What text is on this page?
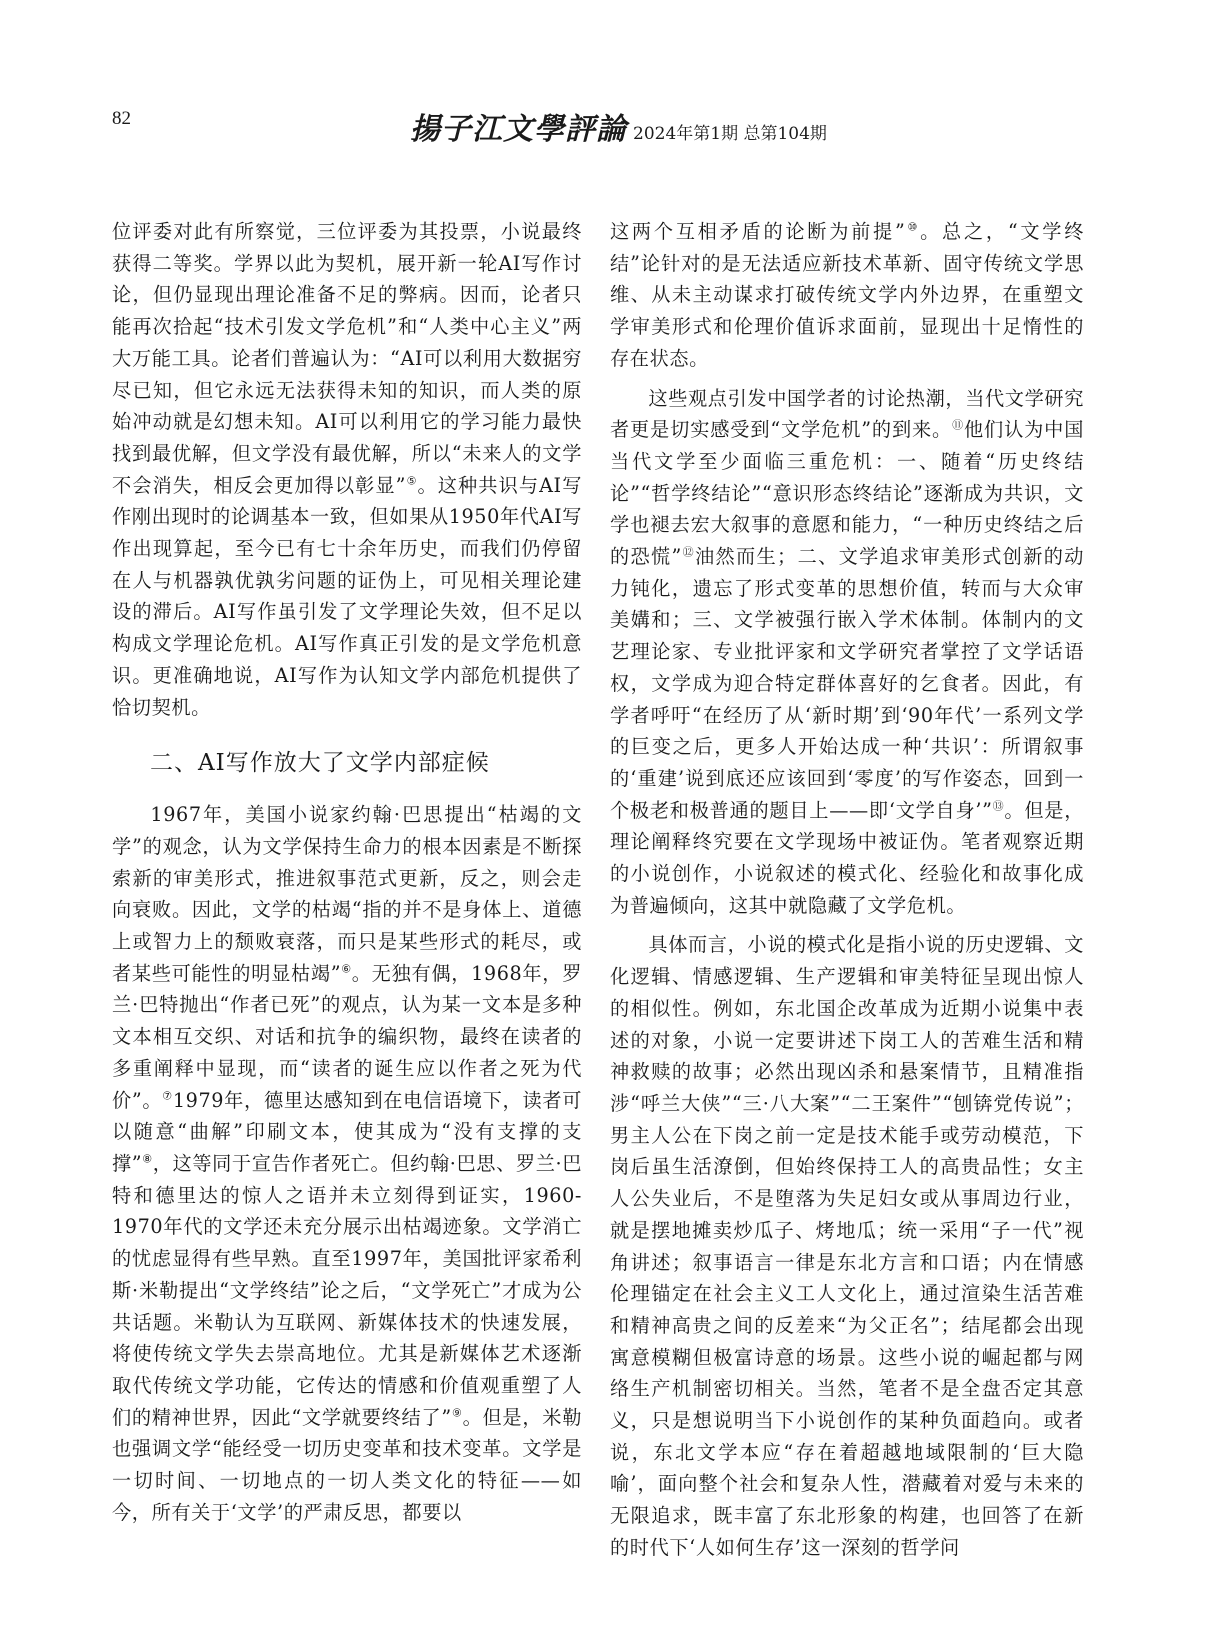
82	揚子江文學評論 2024年第1期 总第104期

位评委对此有所察觉，三位评委为其投票，小说最终获得二等奖。学界以此为契机，展开新一轮AI写作讨论，但仍显现出理论准备不足的弊病。因而，论者只能再次拾起“技术引发文学危机”和“人类中心主义”两大万能工具。论者们普遍认为：“AI可以利用大数据穷尽已知，但它永远无法获得未知的知识，而人类的原始冲动就是幻想未知。AI可以利用它的学习能力最快找到最优解，但文学没有最优解，所以“未来人的文学不会消失，相反会更加得以彰显”⑤。这种共识与AI写作刚出现时的论调基本一致，但如果从1950年代AI写作出现算起，至今已有七十余年历史，而我们仍停留在人与机器孰优孰劣问题的证伪上，可见相关理论建设的滞后。AI写作虽引发了文学理论失效，但不足以构成文学理论危机。AI写作真正引发的是文学危机意识。更准确地说，AI写作为认知文学内部危机提供了恰切契机。

二、AI写作放大了文学内部症候

1967年，美国小说家约翰·巴思提出“枯竭的文学”的观念，认为文学保持生命力的根本因素是不断探索新的审美形式，推进叙事范式更新，反之，则会走向衰败。因此，文学的枯竭“指的并不是身体上、道德上或智力上的颓败衰落，而只是某些形式的耗尽，或者某些可能性的明显枯竭”⑥。无独有偶，1968年，罗兰·巴特抛出“作者已死”的观点，认为某一文本是多种文本相互交织、对话和抗争的编织物，最终在读者的多重阐释中显现，而“读者的诞生应以作者之死为代价”。⑦1979年，德里达感知到在电信语境下，读者可以随意“曲解”印刷文本，使其成为“没有支撑的支撑”⑧，这等同于宣告作者死亡。但约翰·巴思、罗兰·巴特和德里达的惊人之语并未立刻得到证实，1960-1970年代的文学还未充分展示出枯竭迹象。文学消亡的忧虑显得有些早熟。直至1997年，美国批评家希利斯·米勒提出“文学终结”论之后，“文学死亡”才成为公共话题。米勒认为互联网、新媒体技术的快速发展，将使传统文学失去崇高地位。尤其是新媒体艺术逐渐取代传统文学功能，它传达的情感和价值观重塑了人们的精神世界，因此“文学就要终结了”⑨。但是，米勒也强调文学“能经受一切历史变革和技术变革。文学是一切时间、一切地点的一切人类文化的特征——如今，所有关于‘文学’的严肃反思，都要以

这两个互相矛盾的论断为前提”⑩。总之，“文学终结”论针对的是无法适应新技术革新、固守传统文学思维、从未主动谋求打破传统文学内外边界，在重塑文学审美形式和伦理价值诉求面前，显现出十足惰性的存在状态。

这些观点引发中国学者的讨论热潮，当代文学研究者更是切实感受到“文学危机”的到来。⑪他们认为中国当代文学至少面临三重危机：一、随着“历史终结论”“哲学终结论”“意识形态终结论”逐渐成为共识，文学也褪去宏大叙事的意愿和能力，“一种历史终结之后的恐慌”⑫油然而生；二、文学追求审美形式创新的动力钝化，遗忘了形式变革的思想价值，转而与大众审美媾和；三、文学被强行嵌入学术体制。体制内的文艺理论家、专业批评家和文学研究者掌控了文学话语权，文学成为迎合特定群体喜好的乞食者。因此，有学者呼吁“在经历了从‘新时期’到‘90年代’一系列文学的巨变之后，更多人开始达成一种‘共识’：所谓叙事的‘重建’说到底还应该回到‘零度’的写作姿态，回到一个极老和极普通的题目上——即‘文学自身’”⑬。但是，理论阐释终究要在文学现场中被证伪。笔者观察近期的小说创作，小说叙述的模式化、经验化和故事化成为普遍倾向，这其中就隐藏了文学危机。

具体而言，小说的模式化是指小说的历史逻辑、文化逻辑、情感逻辑、生产逻辑和审美特征呈现出惊人的相似性。例如，东北国企改革成为近期小说集中表述的对象，小说一定要讲述下岗工人的苦难生活和精神救赎的故事；必然出现凶杀和悬案情节，且精准指涉“呼兰大侠”“三·八大案”“二王案件”“刨锛党传说”；男主人公在下岗之前一定是技术能手或劳动模范，下岗后虽生活潦倒，但始终保持工人的高贵品性；女主人公失业后，不是堕落为失足妇女或从事周边行业，就是摆地摊卖炒瓜子、烤地瓜；统一采用“子一代”视角讲述；叙事语言一律是东北方言和口语；内在情感伦理锚定在社会主义工人文化上，通过渲染生活苦难和精神高贵之间的反差来“为父正名”；结尾都会出现寓意模糊但极富诗意的场景。这些小说的崛起都与网络生产机制密切相关。当然，笔者不是全盘否定其意义，只是想说明当下小说创作的某种负面趋向。或者说，东北文学本应“存在着超越地域限制的‘巨大隐喻’，面向整个社会和复杂人性，潜藏着对爱与未来的无限追求，既丰富了东北形象的构建，也回答了在新的时代下‘人如何生存’这一深刻的哲学问
